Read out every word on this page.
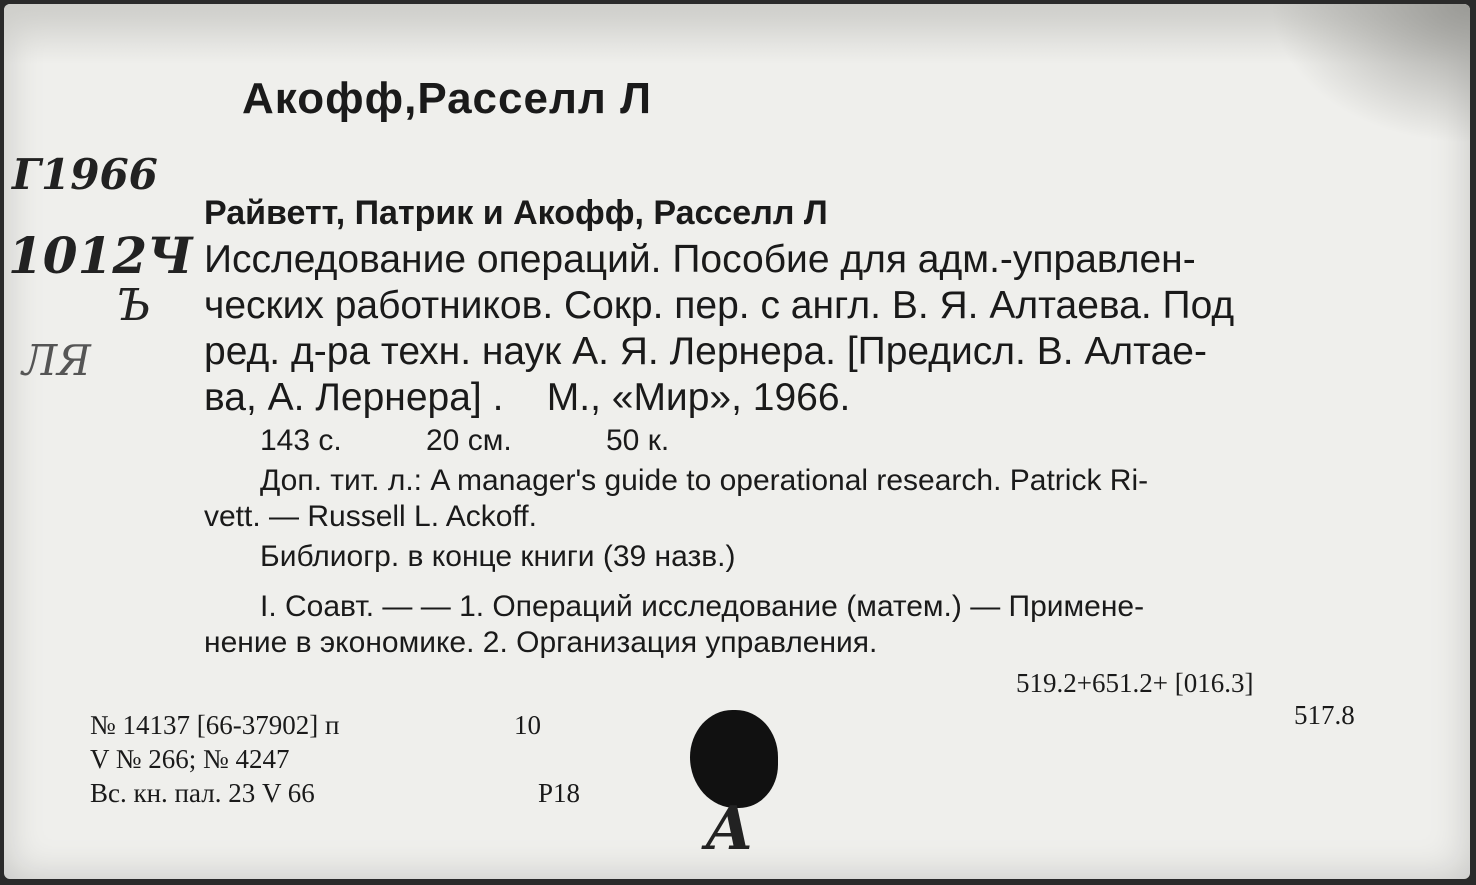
Акофф,Расселл Л
Г1966
1012Ч
Ъ
ЛЯ
Райветт, Патрик и Акофф, Расселл Л
Исследование операций. Пособие для адм.-управлен-
ческих работников. Сокр. пер. с англ. В. Я. Алтаева. Под
ред. д-ра техн. наук А. Я. Лернера. [Предисл. В. Алтае-
ва, А. Лернера] .    М., «Мир», 1966.
143 с.	20 см.	50 к.
Доп. тит. л.: A manager's guide to operational research. Patrick Ri-
vett. — Russell L. Ackoff.
Библиогр. в конце книги (39 назв.)
I. Соавт. — — 1. Операций исследование (матем.) — Примене-
нение в экономике. 2. Организация управления.
519.2+651.2+ [016.3]
517.8
№ 14137 [66-37902] п
V № 266; № 4247
Вс. кн. пал. 23 V 66
10
Р18
A
